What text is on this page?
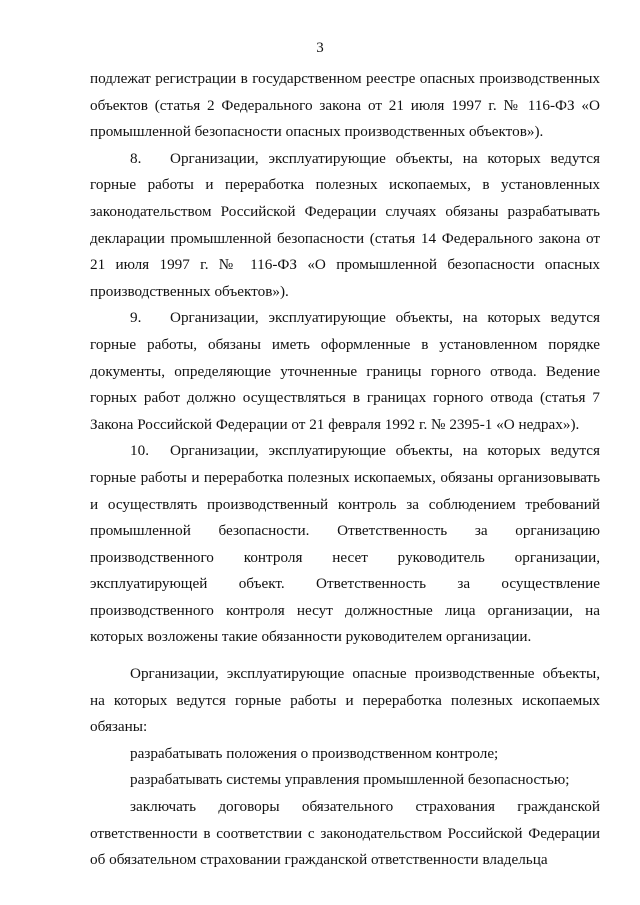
3

подлежат регистрации в государственном реестре опасных производственных объектов (статья 2 Федерального закона от 21 июля 1997 г. № 116-ФЗ «О промышленной безопасности опасных производственных объектов»).

8. Организации, эксплуатирующие объекты, на которых ведутся горные работы и переработка полезных ископаемых, в установленных законодательством Российской Федерации случаях обязаны разрабатывать декларации промышленной безопасности (статья 14 Федерального закона от 21 июля 1997 г. № 116-ФЗ «О промышленной безопасности опасных производственных объектов»).

9. Организации, эксплуатирующие объекты, на которых ведутся горные работы, обязаны иметь оформленные в установленном порядке документы, определяющие уточненные границы горного отвода. Ведение горных работ должно осуществляться в границах горного отвода (статья 7 Закона Российской Федерации от 21 февраля 1992 г. № 2395-1 «О недрах»).

10. Организации, эксплуатирующие объекты, на которых ведутся горные работы и переработка полезных ископаемых, обязаны организовывать и осуществлять производственный контроль за соблюдением требований промышленной безопасности. Ответственность за организацию производственного контроля несет руководитель организации, эксплуатирующей объект. Ответственность за осуществление производственного контроля несут должностные лица организации, на которых возложены такие обязанности руководителем организации.

Организации, эксплуатирующие опасные производственные объекты, на которых ведутся горные работы и переработка полезных ископаемых обязаны:

разрабатывать положения о производственном контроле;

разрабатывать системы управления промышленной безопасностью;

заключать договоры обязательного страхования гражданской ответственности в соответствии с законодательством Российской Федерации об обязательном страховании гражданской ответственности владельца
